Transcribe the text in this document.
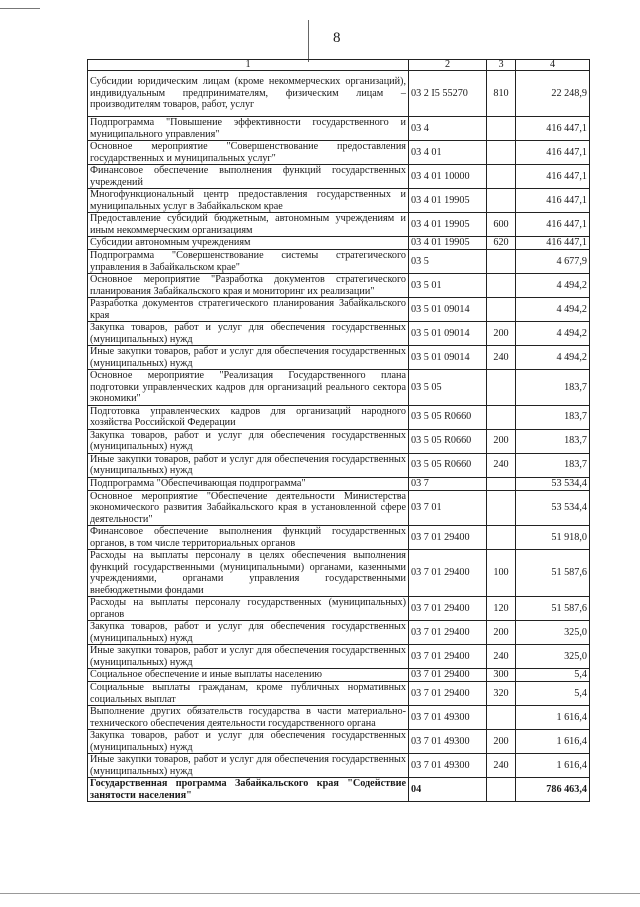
8
1	2	3	4
Субсидии юридическим лицам (кроме некоммерческих организаций), индивидуальным предпринимателям, физическим лицам – производителям товаров, работ, услуг	03 2 I5 55270	810	22 248,9
Подпрограмма "Повышение эффективности государственного и муниципального управления"	03 4		416 447,1
Основное мероприятие "Совершенствование предоставления государственных и муниципальных услуг"	03 4 01		416 447,1
Финансовое обеспечение выполнения функций государственных учреждений	03 4 01 10000		416 447,1
Многофункциональный центр предоставления государственных и муниципальных услуг в Забайкальском крае	03 4 01 19905		416 447,1
Предоставление субсидий бюджетным, автономным учреждениям и иным некоммерческим организациям	03 4 01 19905	600	416 447,1
Субсидии автономным учреждениям	03 4 01 19905	620	416 447,1
Подпрограмма "Совершенствование системы стратегического управления в Забайкальском крае"	03 5		4 677,9
Основное мероприятие "Разработка документов стратегического планирования Забайкальского края и мониторинг их реализации"	03 5 01		4 494,2
Разработка документов стратегического планирования Забайкальского края	03 5 01 09014		4 494,2
Закупка товаров, работ и услуг для обеспечения государственных (муниципальных) нужд	03 5 01 09014	200	4 494,2
Иные закупки товаров, работ и услуг для обеспечения государственных (муниципальных) нужд	03 5 01 09014	240	4 494,2
Основное мероприятие "Реализация Государственного плана подготовки управленческих кадров для организаций реального сектора экономики"	03 5 05		183,7
Подготовка управленческих кадров для организаций народного хозяйства Российской Федерации	03 5 05 R0660		183,7
Закупка товаров, работ и услуг для обеспечения государственных (муниципальных) нужд	03 5 05 R0660	200	183,7
Иные закупки товаров, работ и услуг для обеспечения государственных (муниципальных) нужд	03 5 05 R0660	240	183,7
Подпрограмма "Обеспечивающая подпрограмма"	03 7		53 534,4
Основное мероприятие "Обеспечение деятельности Министерства экономического развития Забайкальского края в установленной сфере деятельности"	03 7 01		53 534,4
Финансовое обеспечение выполнения функций государственных органов, в том числе территориальных органов	03 7 01 29400		51 918,0
Расходы на выплаты персоналу в целях обеспечения выполнения функций государственными (муниципальными) органами, казенными учреждениями, органами управления государственными внебюджетными фондами	03 7 01 29400	100	51 587,6
Расходы на выплаты персоналу государственных (муниципальных) органов	03 7 01 29400	120	51 587,6
Закупка товаров, работ и услуг для обеспечения государственных (муниципальных) нужд	03 7 01 29400	200	325,0
Иные закупки товаров, работ и услуг для обеспечения государственных (муниципальных) нужд	03 7 01 29400	240	325,0
Социальное обеспечение и иные выплаты населению	03 7 01 29400	300	5,4
Социальные выплаты гражданам, кроме публичных нормативных социальных выплат	03 7 01 29400	320	5,4
Выполнение других обязательств государства в части материально-технического обеспечения деятельности государственного органа	03 7 01 49300		1 616,4
Закупка товаров, работ и услуг для обеспечения государственных (муниципальных) нужд	03 7 01 49300	200	1 616,4
Иные закупки товаров, работ и услуг для обеспечения государственных (муниципальных) нужд	03 7 01 49300	240	1 616,4
Государственная программа Забайкальского края "Содействие занятости населения"	04		786 463,4
